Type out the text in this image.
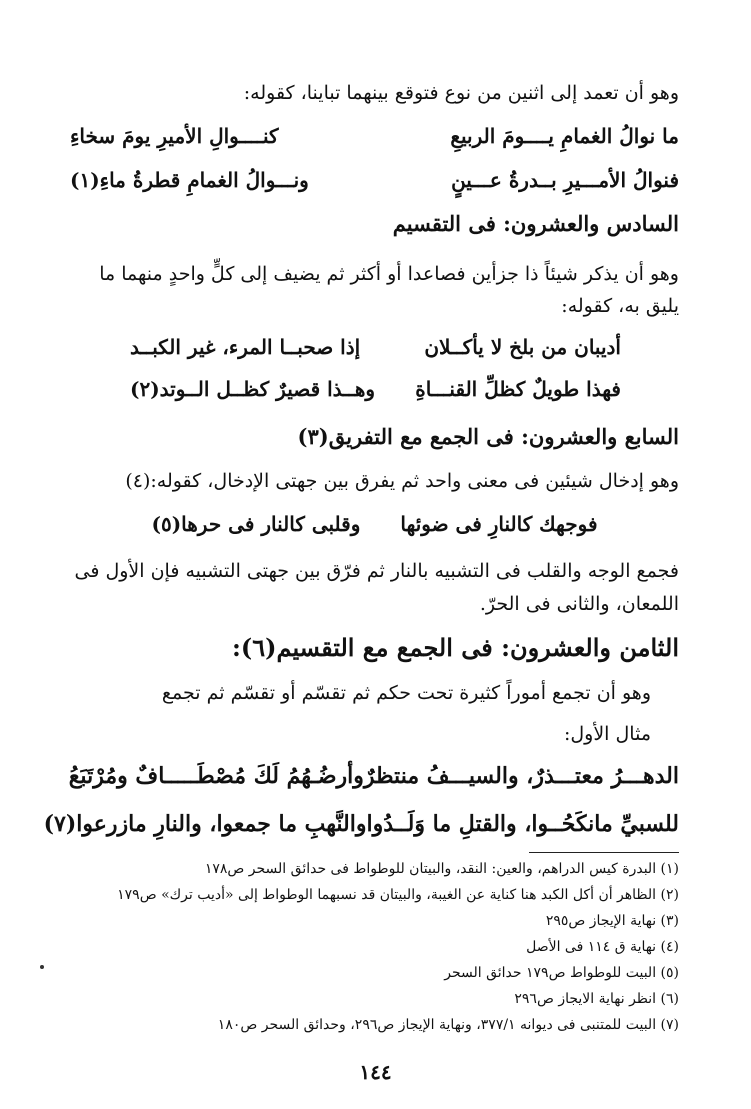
وهو أن تعمد إلى اثنين من نوع فتوقع بينهما تباينا، كقوله:
ما نوالُ الغمامِ يــــومَ الربيعِ
كنــــوالِ الأميرِ يومَ سخاءِ
فنوالُ الأمـــيرِ بــدرةُ عـــينٍ
ونـــوالُ الغمامِ قطرةُ ماءِ(١)
السادس والعشرون: فى التقسيم
وهو أن يذكر شيئاً ذا جزأين فصاعدا أو أكثر ثم يضيف إلى كلٍّ واحدٍ منهما ما
يليق به، كقوله:
أديبان من بلخ لا يأكــلان
إذا صحبــا المرء، غير الكبــد
فهذا طويلٌ كظلِّ القنـــاةِ
وهــذا قصيرٌ كظــل الــوتد(٢)
السابع والعشرون: فى الجمع مع التفريق(٣)
وهو إدخال شيئين فى معنى واحد ثم يفرق بين جهتى الإدخال، كقوله:(٤)
فوجهك كالنارِ فى ضوئها
وقلبى كالنار فى حرها(٥)
فجمع الوجه والقلب فى التشبيه بالنار ثم فرّق بين جهتى التشبيه فإن الأول فى
اللمعان، والثانى فى الحرّ.
الثامن والعشرون: فى الجمع مع التقسيم(٦):
وهو أن تجمع أموراً كثيرة تحت حكم ثم تقسّم أو تقسّم ثم تجمع
مثال الأول:
الدهـــرُ معتـــذرٌ، والسيـــفُ منتظرٌ
وأرضُـهُمُ لَكَ مُصْطَـــــافٌ ومُرْتَبَعُ
للسبيِّ مانكَحُــوا، والقتلِ ما وَلَــدُوا
والنَّهبِ ما جمعوا، والنارِ مازرعوا(٧)
(١) البدرة كيس الدراهم، والعين: النقد، والبيتان للوطواط فى حدائق السحر ص١٧٨
(٢) الظاهر أن أكل الكبد هنا كناية عن الغيبة، والبيتان قد نسبهما الوطواط إلى «أديب ترك» ص١٧٩
(٣) نهاية الإيجاز ص٢٩٥
(٤) نهاية ق ١١٤ فى الأصل
(٥) البيت للوطواط ص١٧٩ حدائق السحر
(٦) انظر نهاية الايجاز ص٢٩٦
(٧) البيت للمتنبى فى ديوانه ٣٧٧/١، ونهاية الإيجاز ص٢٩٦، وحدائق السحر ص١٨٠
١٤٤
